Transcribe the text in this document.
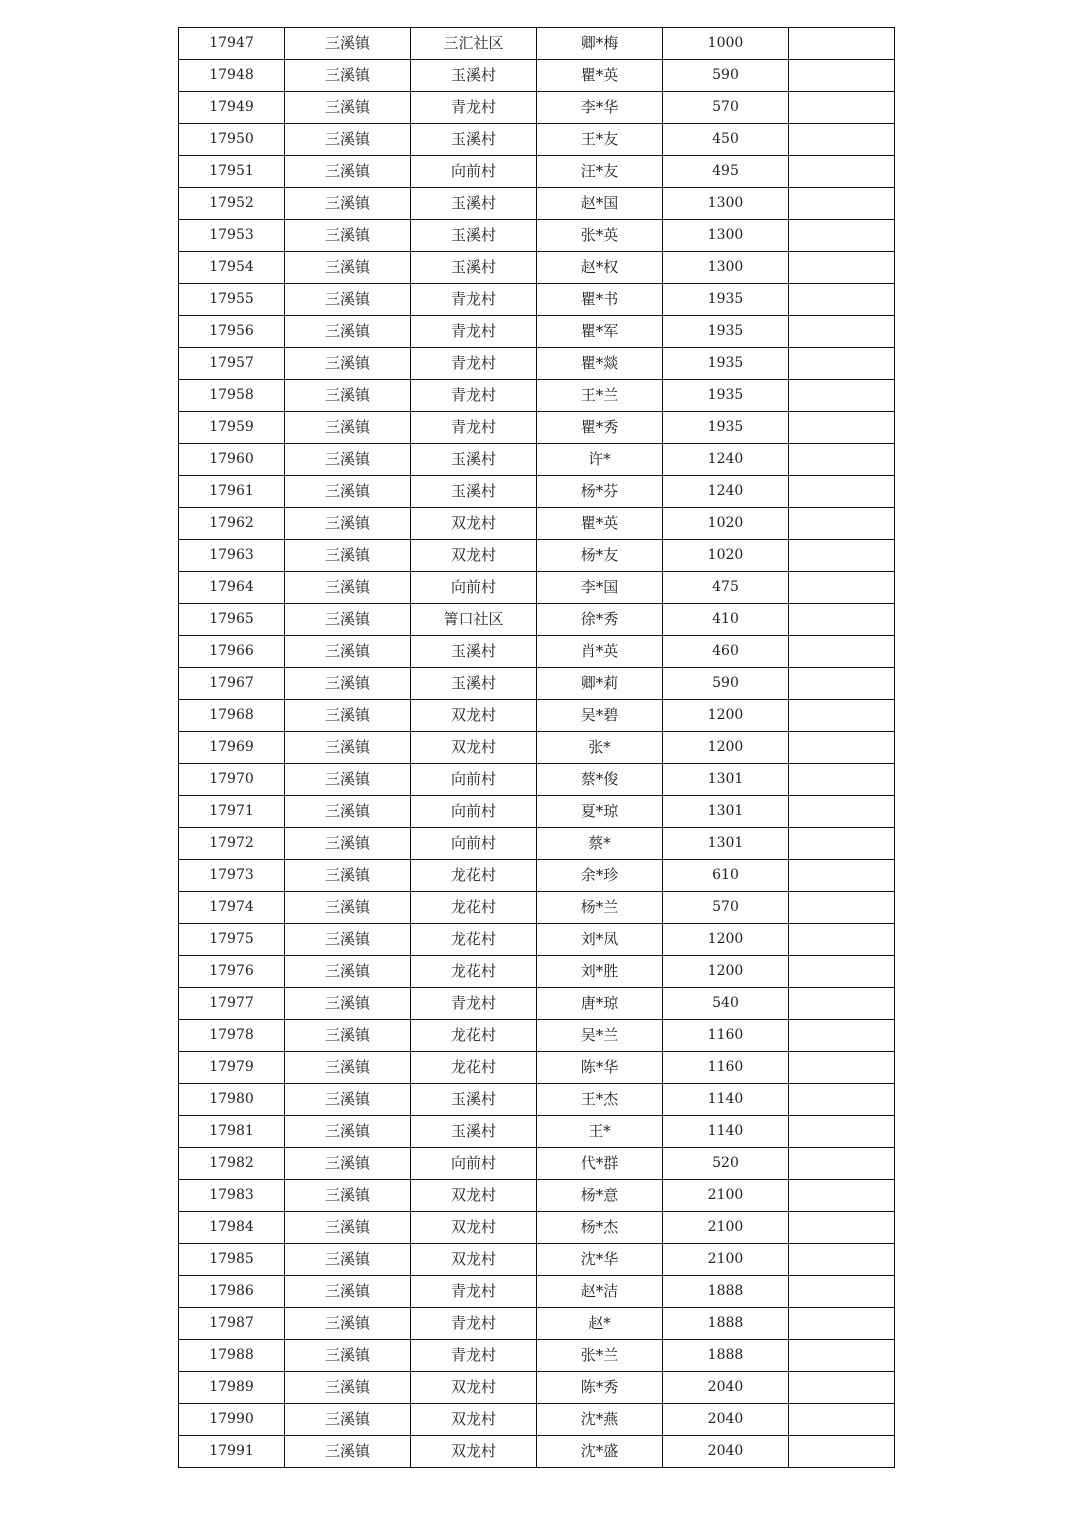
17947	三溪镇	三汇社区	卿*梅	1000	
17948	三溪镇	玉溪村	瞿*英	590	
17949	三溪镇	青龙村	李*华	570	
17950	三溪镇	玉溪村	王*友	450	
17951	三溪镇	向前村	汪*友	495	
17952	三溪镇	玉溪村	赵*国	1300	
17953	三溪镇	玉溪村	张*英	1300	
17954	三溪镇	玉溪村	赵*权	1300	
17955	三溪镇	青龙村	瞿*书	1935	
17956	三溪镇	青龙村	瞿*军	1935	
17957	三溪镇	青龙村	瞿*燚	1935	
17958	三溪镇	青龙村	王*兰	1935	
17959	三溪镇	青龙村	瞿*秀	1935	
17960	三溪镇	玉溪村	许*	1240	
17961	三溪镇	玉溪村	杨*芬	1240	
17962	三溪镇	双龙村	瞿*英	1020	
17963	三溪镇	双龙村	杨*友	1020	
17964	三溪镇	向前村	李*国	475	
17965	三溪镇	箐口社区	徐*秀	410	
17966	三溪镇	玉溪村	肖*英	460	
17967	三溪镇	玉溪村	卿*莉	590	
17968	三溪镇	双龙村	吴*碧	1200	
17969	三溪镇	双龙村	张*	1200	
17970	三溪镇	向前村	蔡*俊	1301	
17971	三溪镇	向前村	夏*琼	1301	
17972	三溪镇	向前村	蔡*	1301	
17973	三溪镇	龙花村	余*珍	610	
17974	三溪镇	龙花村	杨*兰	570	
17975	三溪镇	龙花村	刘*凤	1200	
17976	三溪镇	龙花村	刘*胜	1200	
17977	三溪镇	青龙村	唐*琼	540	
17978	三溪镇	龙花村	吴*兰	1160	
17979	三溪镇	龙花村	陈*华	1160	
17980	三溪镇	玉溪村	王*杰	1140	
17981	三溪镇	玉溪村	王*	1140	
17982	三溪镇	向前村	代*群	520	
17983	三溪镇	双龙村	杨*意	2100	
17984	三溪镇	双龙村	杨*杰	2100	
17985	三溪镇	双龙村	沈*华	2100	
17986	三溪镇	青龙村	赵*洁	1888	
17987	三溪镇	青龙村	赵*	1888	
17988	三溪镇	青龙村	张*兰	1888	
17989	三溪镇	双龙村	陈*秀	2040	
17990	三溪镇	双龙村	沈*燕	2040	
17991	三溪镇	双龙村	沈*盛	2040	
